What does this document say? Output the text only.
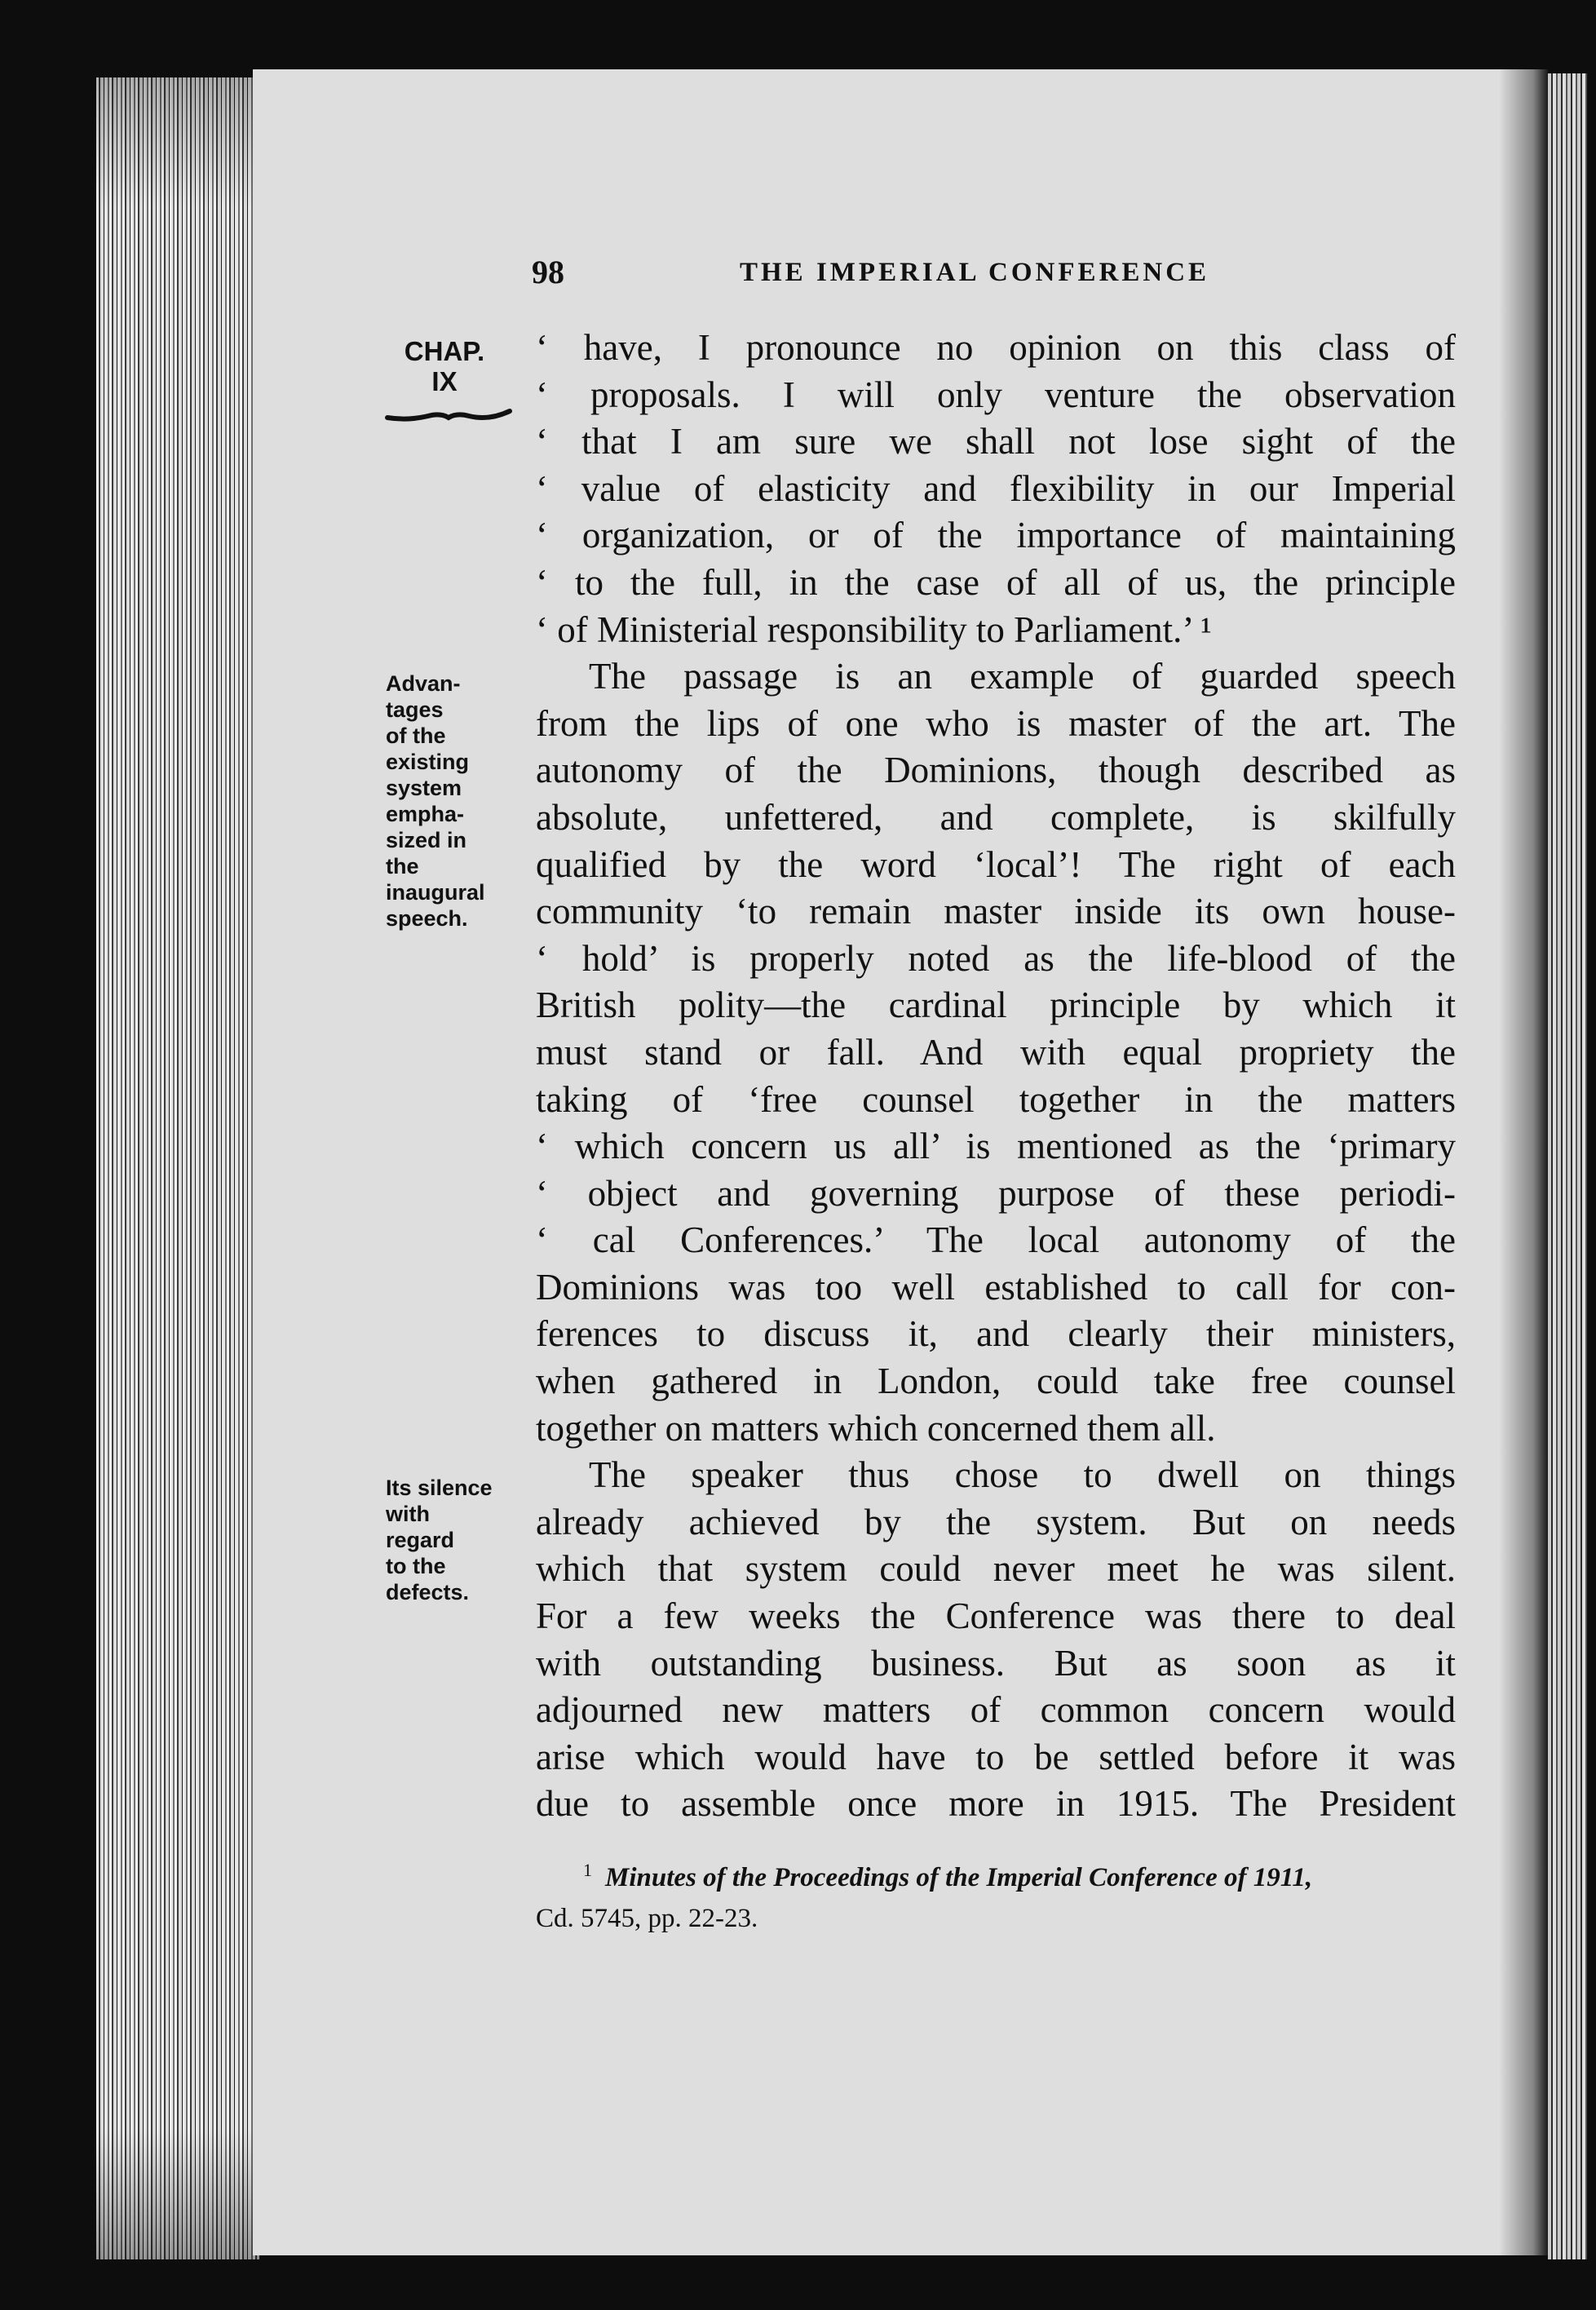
98	THE IMPERIAL CONFERENCE
CHAP.
IX
Advan-
tages
of the
existing
system
empha-
sized in
the
inaugural
speech.
Its silence
with
regard
to the
defects.
‘ have, I pronounce no opinion on this class of
‘ proposals. I will only venture the observation
‘ that I am sure we shall not lose sight of the
‘ value of elasticity and flexibility in our Imperial
‘ organization, or of the importance of maintaining
‘ to the full, in the case of all of us, the principle
‘ of Ministerial responsibility to Parliament.’ ¹
The passage is an example of guarded speech
from the lips of one who is master of the art. The
autonomy of the Dominions, though described as
absolute, unfettered, and complete, is skilfully
qualified by the word ‘local’! The right of each
community ‘to remain master inside its own house-
‘ hold’ is properly noted as the life-blood of the
British polity—the cardinal principle by which it
must stand or fall. And with equal propriety the
taking of ‘free counsel together in the matters
‘ which concern us all’ is mentioned as the ‘primary
‘ object and governing purpose of these periodi-
‘ cal Conferences.’ The local autonomy of the
Dominions was too well established to call for con-
ferences to discuss it, and clearly their ministers,
when gathered in London, could take free counsel
together on matters which concerned them all.
The speaker thus chose to dwell on things
already achieved by the system. But on needs
which that system could never meet he was silent.
For a few weeks the Conference was there to deal
with outstanding business. But as soon as it
adjourned new matters of common concern would
arise which would have to be settled before it was
due to assemble once more in 1915. The President
$^1$ Minutes of the Proceedings of the Imperial Conference of 1911,
Cd. 5745, pp. 22-23.
